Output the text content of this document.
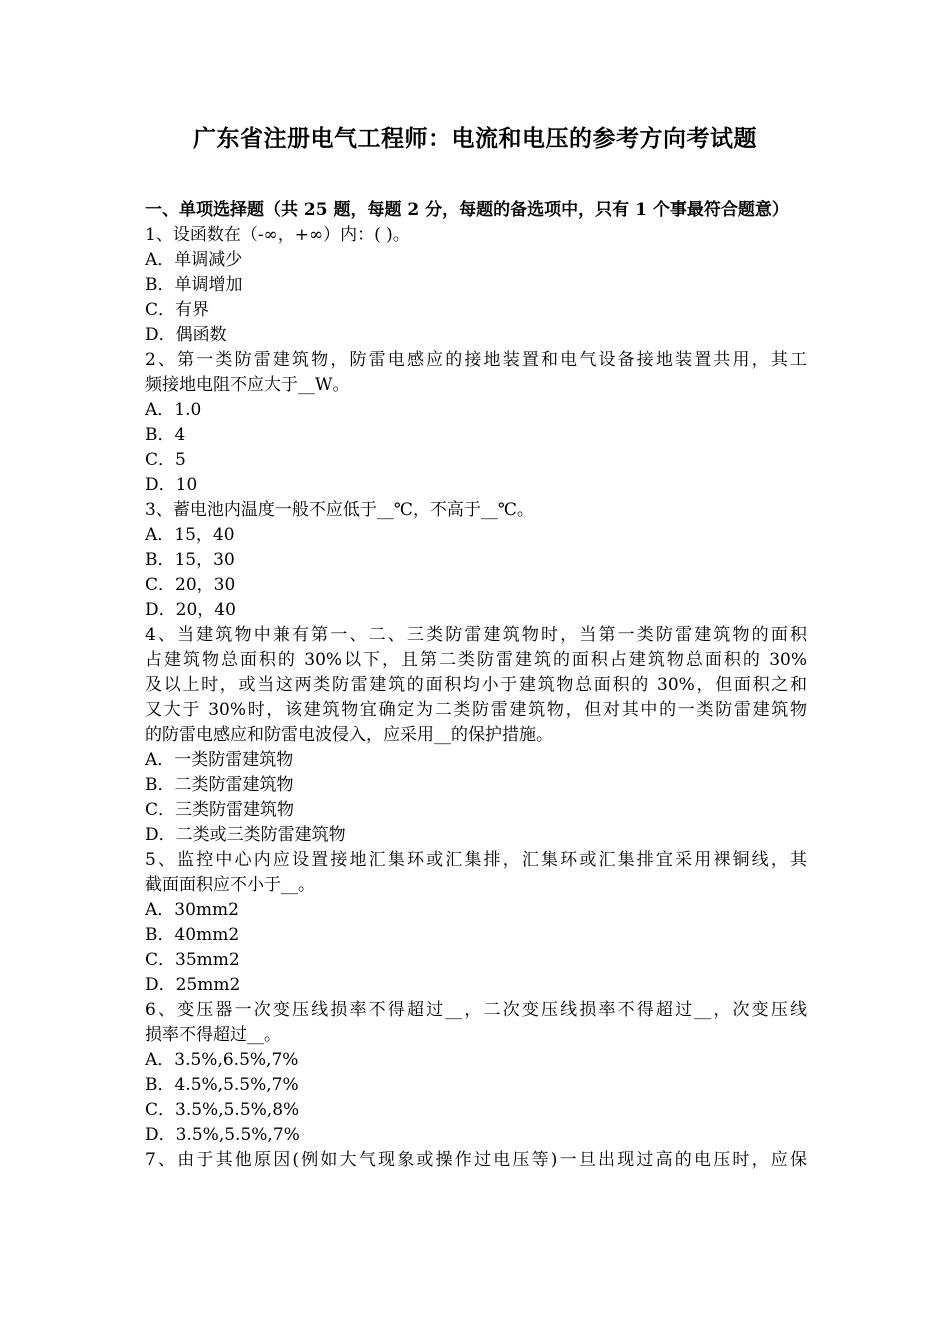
广东省注册电气工程师：电流和电压的参考方向考试题
一、单项选择题（共 25 题，每题 2 分，每题的备选项中，只有 1 个事最符合题意）
1、设函数在（-∞，+∞）内：( )。
A．单调减少
B．单调增加
C．有界
D．偶函数
2、第一类防雷建筑物，防雷电感应的接地装置和电气设备接地装置共用，其工
频接地电阻不应大于__W。
A．1.0
B．4
C．5
D．10
3、蓄电池内温度一般不应低于__℃，不高于__℃。
A．15，40
B．15，30
C．20，30
D．20，40
4、当建筑物中兼有第一、二、三类防雷建筑物时，当第一类防雷建筑物的面积
占建筑物总面积的 30%以下，且第二类防雷建筑的面积占建筑物总面积的 30%
及以上时，或当这两类防雷建筑的面积均小于建筑物总面积的 30%，但面积之和
又大于 30%时，该建筑物宜确定为二类防雷建筑物，但对其中的一类防雷建筑物
的防雷电感应和防雷电波侵入，应采用__的保护措施。
A．一类防雷建筑物
B．二类防雷建筑物
C．三类防雷建筑物
D．二类或三类防雷建筑物
5、监控中心内应设置接地汇集环或汇集排，汇集环或汇集排宜采用裸铜线，其
截面面积应不小于__。
A．30mm2
B．40mm2
C．35mm2
D．25mm2
6、变压器一次变压线损率不得超过__，二次变压线损率不得超过__，次变压线
损率不得超过__。
A．3.5%,6.5%,7%
B．4.5%,5.5%,7%
C．3.5%,5.5%,8%
D．3.5%,5.5%,7%
7、由于其他原因(例如大气现象或操作过电压等)一旦出现过高的电压时，应保
